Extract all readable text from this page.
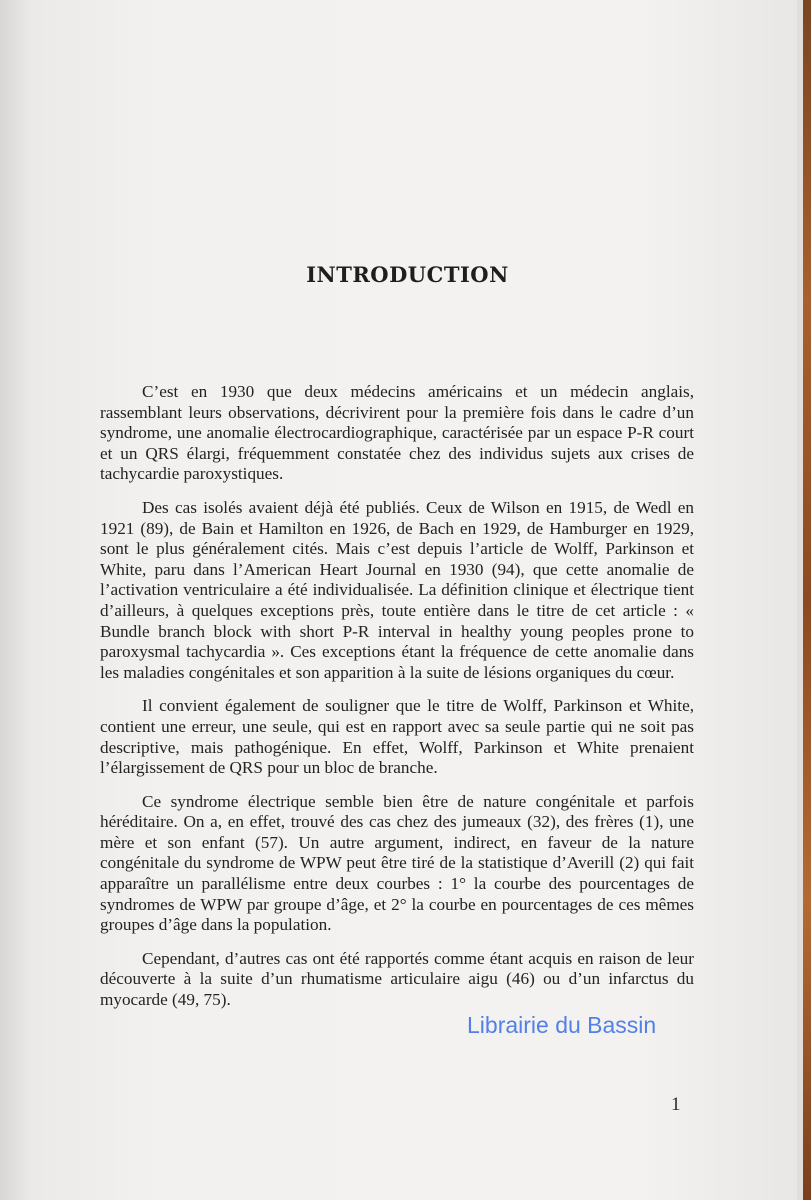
INTRODUCTION

C’est en 1930 que deux médecins américains et un médecin anglais, rassemblant leurs observations, décrivirent pour la première fois dans le cadre d’un syndrome, une anomalie électrocardiographique, caractérisée par un espace P-R court et un QRS élargi, fréquemment constatée chez des individus sujets aux crises de tachycardie paroxystiques.

Des cas isolés avaient déjà été publiés. Ceux de Wilson en 1915, de Wedl en 1921 (89), de Bain et Hamilton en 1926, de Bach en 1929, de Hamburger en 1929, sont le plus généralement cités. Mais c’est depuis l’article de Wolff, Parkinson et White, paru dans l’American Heart Journal en 1930 (94), que cette anomalie de l’activation ventriculaire a été individualisée. La définition clinique et électrique tient d’ailleurs, à quelques exceptions près, toute entière dans le titre de cet article : « Bundle branch block with short P-R interval in healthy young peoples prone to paroxysmal tachycardia ». Ces exceptions étant la fréquence de cette anomalie dans les maladies congénitales et son apparition à la suite de lésions organiques du cœur.

Il convient également de souligner que le titre de Wolff, Parkinson et White, contient une erreur, une seule, qui est en rapport avec sa seule partie qui ne soit pas descriptive, mais pathogénique. En effet, Wolff, Parkinson et White prenaient l’élargissement de QRS pour un bloc de branche.

Ce syndrome électrique semble bien être de nature congénitale et parfois héréditaire. On a, en effet, trouvé des cas chez des jumeaux (32), des frères (1), une mère et son enfant (57). Un autre argument, indirect, en faveur de la nature congénitale du syndrome de WPW peut être tiré de la statistique d’Averill (2) qui fait apparaître un parallélisme entre deux courbes : 1° la courbe des pourcentages de syndromes de WPW par groupe d’âge, et 2° la courbe en pourcentages de ces mêmes groupes d’âge dans la population.

Cependant, d’autres cas ont été rapportés comme étant acquis en raison de leur découverte à la suite d’un rhumatisme articulaire aigu (46) ou d’un infarctus du myocarde (49, 75).

1
Librairie du Bassin
